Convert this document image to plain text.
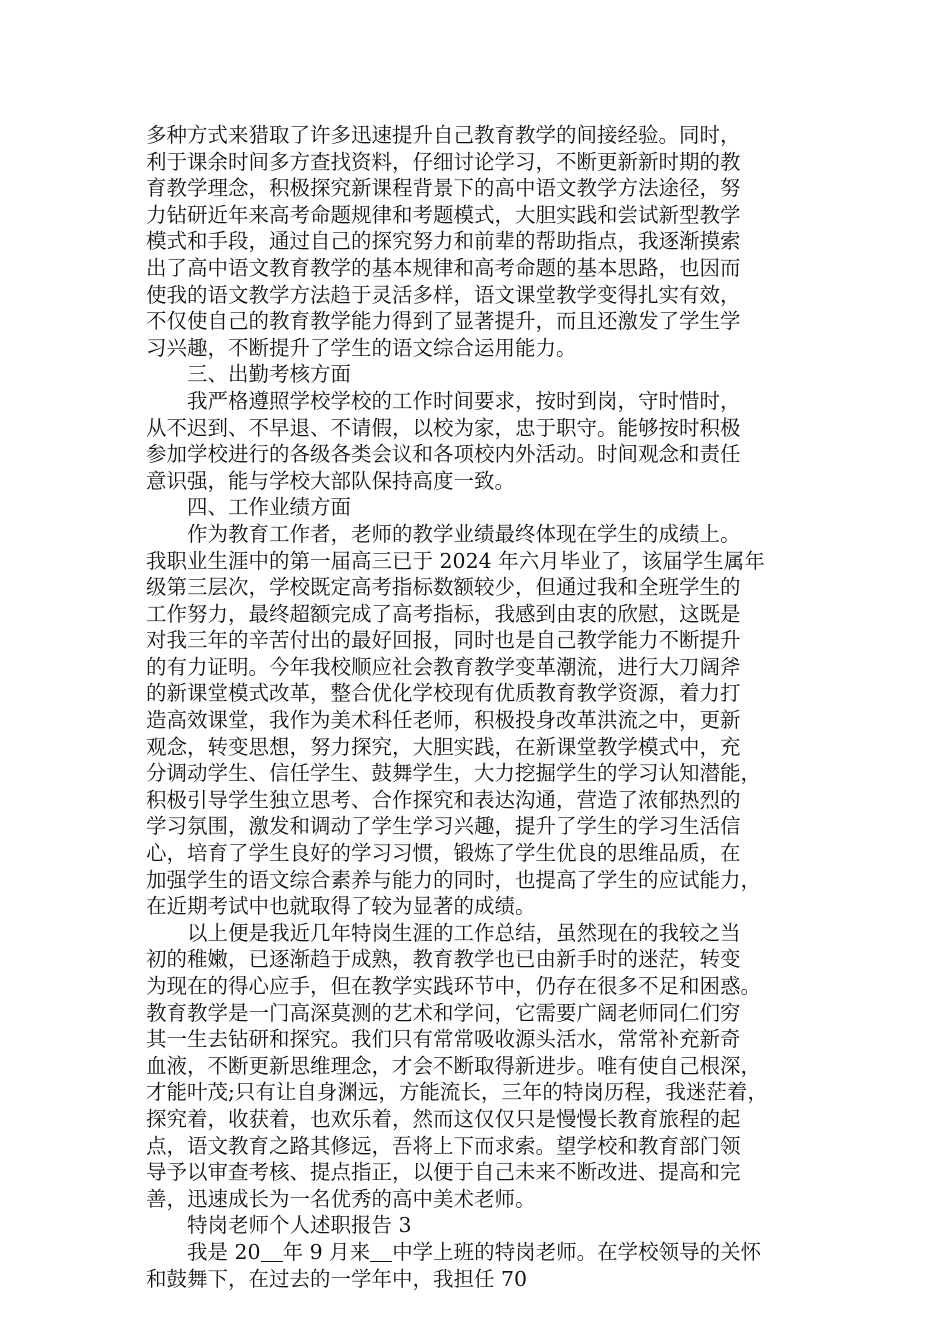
多种方式来猎取了许多迅速提升自己教育教学的间接经验。同时，
利于课余时间多方查找资料，仔细讨论学习，不断更新新时期的教
育教学理念，积极探究新课程背景下的高中语文教学方法途径，努
力钻研近年来高考命题规律和考题模式，大胆实践和尝试新型教学
模式和手段，通过自己的探究努力和前辈的帮助指点，我逐渐摸索
出了高中语文教育教学的基本规律和高考命题的基本思路，也因而
使我的语文教学方法趋于灵活多样，语文课堂教学变得扎实有效，
不仅使自己的教育教学能力得到了显著提升，而且还激发了学生学
习兴趣，不断提升了学生的语文综合运用能力。
　　三、出勤考核方面
　　我严格遵照学校学校的工作时间要求，按时到岗，守时惜时，
从不迟到、不早退、不请假，以校为家，忠于职守。能够按时积极
参加学校进行的各级各类会议和各项校内外活动。时间观念和责任
意识强，能与学校大部队保持高度一致。
　　四、工作业绩方面
　　作为教育工作者，老师的教学业绩最终体现在学生的成绩上。
我职业生涯中的第一届高三已于 2024 年六月毕业了，该届学生属年
级第三层次，学校既定高考指标数额较少，但通过我和全班学生的
工作努力，最终超额完成了高考指标，我感到由衷的欣慰，这既是
对我三年的辛苦付出的最好回报，同时也是自己教学能力不断提升
的有力证明。今年我校顺应社会教育教学变革潮流，进行大刀阔斧
的新课堂模式改革，整合优化学校现有优质教育教学资源，着力打
造高效课堂，我作为美术科任老师，积极投身改革洪流之中，更新
观念，转变思想，努力探究，大胆实践，在新课堂教学模式中，充
分调动学生、信任学生、鼓舞学生，大力挖掘学生的学习认知潜能，
积极引导学生独立思考、合作探究和表达沟通，营造了浓郁热烈的
学习氛围，激发和调动了学生学习兴趣，提升了学生的学习生活信
心，培育了学生良好的学习习惯，锻炼了学生优良的思维品质，在
加强学生的语文综合素养与能力的同时，也提高了学生的应试能力，
在近期考试中也就取得了较为显著的成绩。
　　以上便是我近几年特岗生涯的工作总结，虽然现在的我较之当
初的稚嫩，已逐渐趋于成熟，教育教学也已由新手时的迷茫，转变
为现在的得心应手，但在教学实践环节中，仍存在很多不足和困惑。
教育教学是一门高深莫测的艺术和学问，它需要广阔老师同仁们穷
其一生去钻研和探究。我们只有常常吸收源头活水，常常补充新奇
血液，不断更新思维理念，才会不断取得新进步。唯有使自己根深，
才能叶茂;只有让自身渊远，方能流长，三年的特岗历程，我迷茫着，
探究着，收获着，也欢乐着，然而这仅仅只是慢慢长教育旅程的起
点，语文教育之路其修远，吾将上下而求索。望学校和教育部门领
导予以审查考核、提点指正，以便于自己未来不断改进、提高和完
善，迅速成长为一名优秀的高中美术老师。
　　特岗老师个人述职报告 3
　　我是 20 年 9 月来 中学上班的特岗老师。在学校领导的关怀
和鼓舞下，在过去的一学年中，我担任 70
